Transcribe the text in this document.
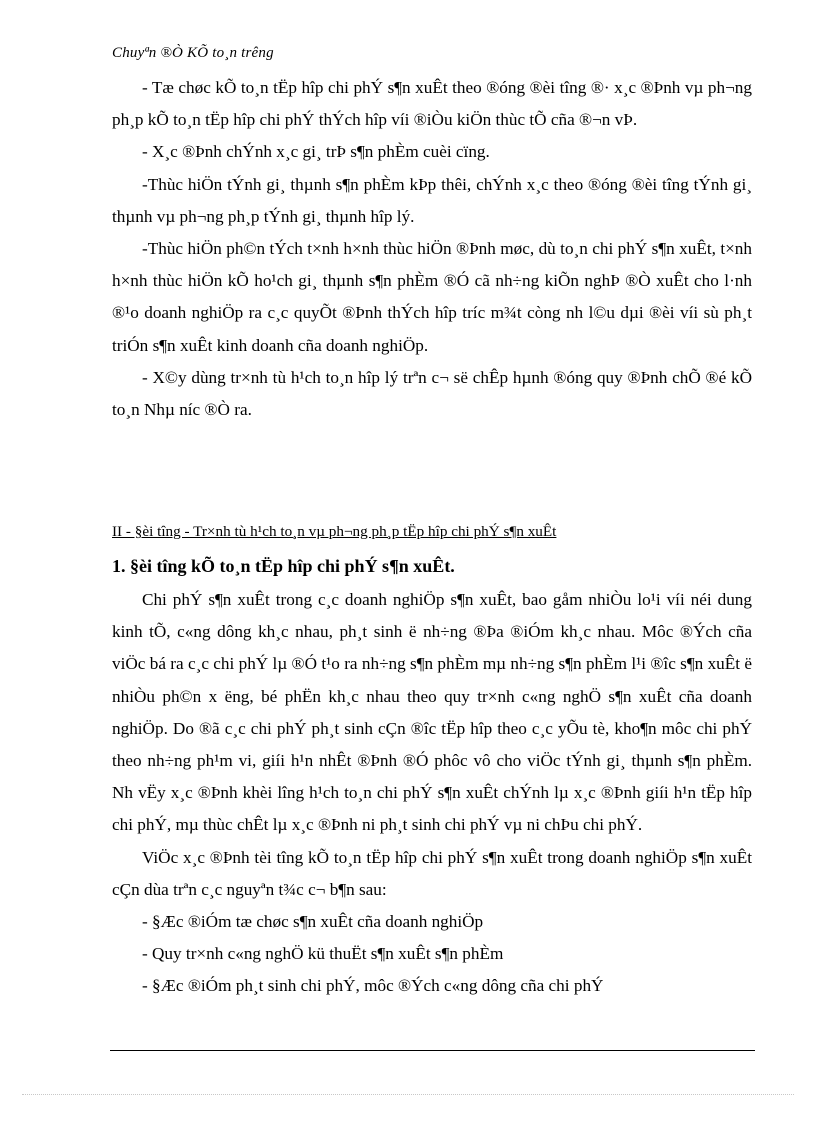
Chuyªn ®Ò KÕ to¸n trêng

- Tæ chøc kÕ to¸n tËp hîp chi phÝ s¶n xuÊt theo ®óng ®èi tîng ®· x¸c ®Þnh vµ ph¬ng ph¸p kÕ to¸n tËp hîp chi phÝ thÝch hîp víi ®iÒu kiÖn thùc tÕ cña ®¬n vÞ.

- X¸c ®Þnh chÝnh x¸c gi¸ trÞ s¶n phÈm cuèi cïng.

-Thùc hiÖn tÝnh gi¸ thµnh s¶n phÈm kÞp thêi, chÝnh x¸c theo ®óng ®èi tîng tÝnh gi¸ thµnh vµ ph¬ng ph¸p tÝnh gi¸ thµnh hîp lý.

-Thùc hiÖn ph©n tÝch t×nh h×nh thùc hiÖn ®Þnh møc, dù to¸n chi phÝ s¶n xuÊt, t×nh h×nh thùc hiÖn kÕ ho¹ch gi¸ thµnh s¶n phÈm ®Ó cã nh÷ng kiÕn nghÞ ®Ò xuÊt cho l·nh ®¹o doanh nghiÖp ra c¸c quyÕt ®Þnh thÝch hîp tríc m¾t còng nh l©u dµi ®èi víi sù ph¸t triÓn s¶n xuÊt kinh doanh cña doanh nghiÖp.

- X©y dùng tr×nh tù h¹ch to¸n hîp lý trªn c¬ së chÊp hµnh ®óng quy ®Þnh chÕ ®é kÕ to¸n Nhµ níc ®Ò ra.

II - §èi tîng - Tr×nh tù h¹ch to¸n vµ ph¬ng ph¸p tËp hîp chi phÝ s¶n xuÊt
1. §èi tîng kÕ to¸n tËp hîp chi phÝ s¶n xuÊt.

Chi phÝ s¶n xuÊt trong c¸c doanh nghiÖp s¶n xuÊt, bao gåm nhiÒu lo¹i víi néi dung kinh tÕ, c«ng dông kh¸c nhau, ph¸t sinh ë nh÷ng ®Þa ®iÓm kh¸c nhau. Môc ®Ých cña viÖc bá ra c¸c chi phÝ lµ ®Ó t¹o ra nh÷ng s¶n phÈm mµ nh÷ng s¶n phÈm l¹i ®îc s¶n xuÊt ë nhiÒu ph©n x ëng, bé phËn kh¸c nhau theo quy tr×nh c«ng nghÖ s¶n xuÊt cña doanh nghiÖp. Do ®ã c¸c chi phÝ ph¸t sinh cÇn ®îc tËp hîp theo c¸c yÕu tè, kho¶n môc chi phÝ theo nh÷ng ph¹m vi, giíi h¹n nhÊt ®Þnh ®Ó phôc vô cho viÖc tÝnh gi¸ thµnh s¶n phÈm. Nh vËy x¸c ®Þnh khèi lîng h¹ch to¸n chi phÝ s¶n xuÊt chÝnh lµ x¸c ®Þnh giíi h¹n tËp hîp chi phÝ, mµ thùc chÊt lµ x¸c ®Þnh ni ph¸t sinh chi phÝ vµ ni chÞu chi phÝ.

ViÖc x¸c ®Þnh tèi tîng kÕ to¸n tËp hîp chi phÝ s¶n xuÊt trong doanh nghiÖp s¶n xuÊt cÇn dùa trªn c¸c nguyªn t¾c c¬ b¶n sau:

- §Æc ®iÓm tæ chøc s¶n xuÊt cña doanh nghiÖp

- Quy tr×nh c«ng nghÖ kü thuËt s¶n xuÊt s¶n phÈm

- §Æc ®iÓm ph¸t sinh chi phÝ, môc ®Ých c«ng dông cña chi phÝ
